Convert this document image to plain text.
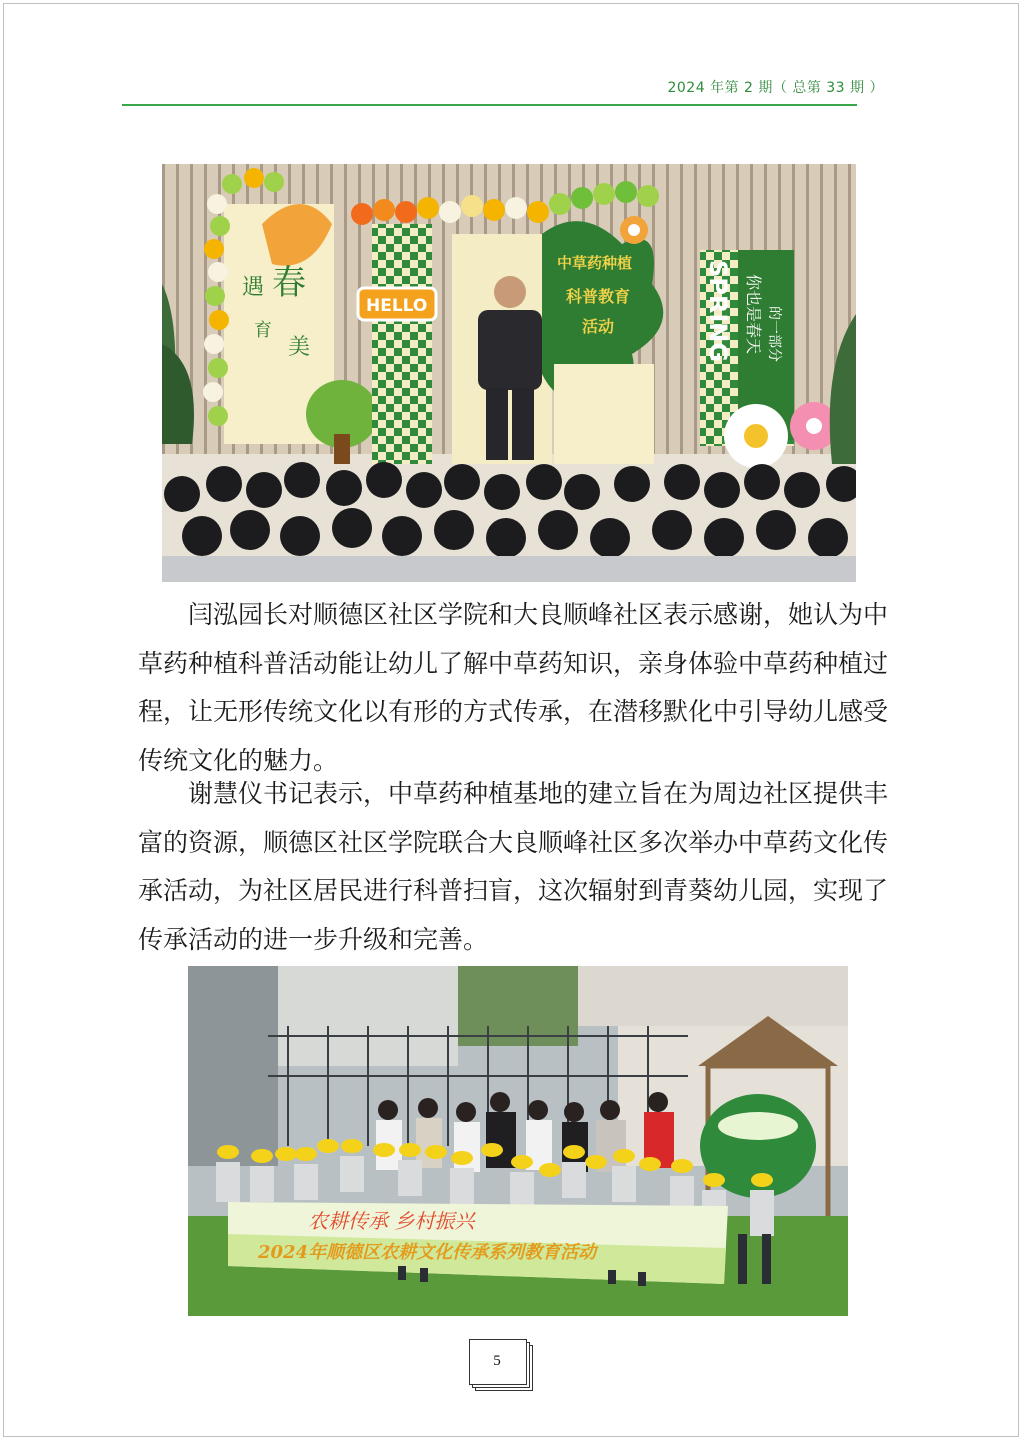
2024 年第 2 期（ 总第 33 期 ）
遇 春
育
美
HELLO
中草药种植
科普教育
活动	SPRING 你也是春天 的一部分

闫泓园长对顺德区社区学院和大良顺峰社区表示感谢，她认为中草药种植科普活动能让幼儿了解中草药知识，亲身体验中草药种植过程，让无形传统文化以有形的方式传承，在潜移默化中引导幼儿感受传统文化的魅力。

谢慧仪书记表示，中草药种植基地的建立旨在为周边社区提供丰富的资源，顺德区社区学院联合大良顺峰社区多次举办中草药文化传承活动，为社区居民进行科普扫盲，这次辐射到青葵幼儿园，实现了传承活动的进一步升级和完善。

农耕传承 乡村振兴
2024年顺德区农耕文化传承系列教育活动
5
